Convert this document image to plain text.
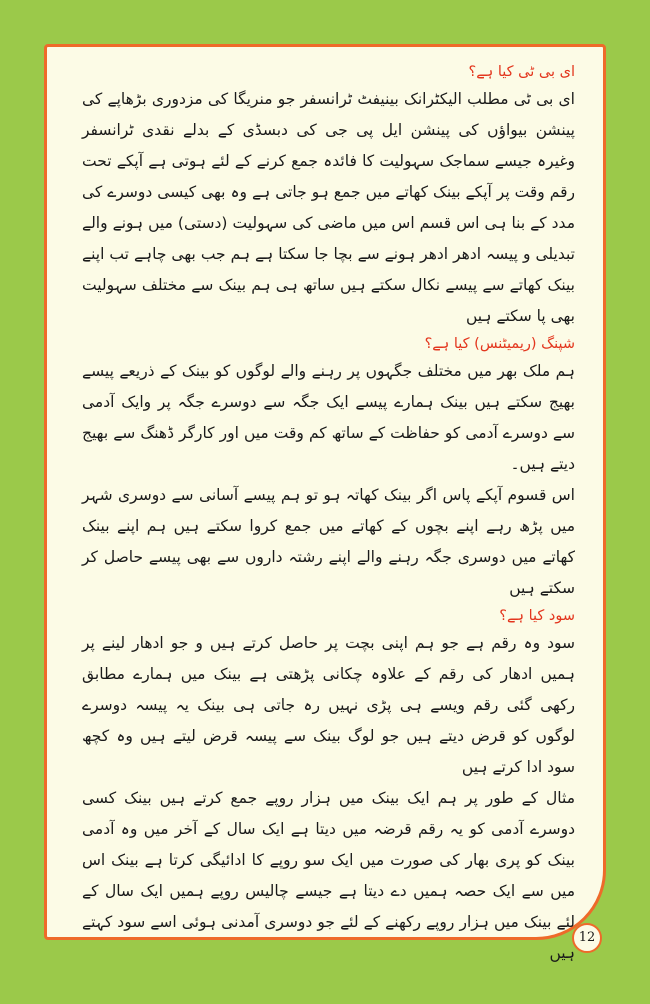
ای بی ٹی کیا ہے؟

ای بی ٹی مطلب الیکٹرانک بینیفٹ ٹرانسفر جو منریگا کی مزدوری بڑھاپے کی پینشن بیواؤں کی پینشن ایل پی جی کی دبسڈی کے بدلے نقدی ٹرانسفر وغیرہ جیسے سماجک سہولیت کا فائدہ جمع کرنے کے لئے ہوتی ہے آپکے تحت رقم وقت پر آپکے بینک کھاتے میں جمع ہو جاتی ہے وہ بھی کیسی دوسرے کی مدد کے بنا ہی اس قسم اس میں ماضی کی سہولیت (دستی) میں ہونے والے تبدیلی و پیسہ ادھر ادھر ہونے سے بچا جا سکتا ہے ہم جب بھی چاہے تب اپنے بینک کھاتے سے پیسے نکال سکتے ہیں ساتھ ہی ہم بینک سے مختلف سہولیت بھی پا سکتے ہیں

شپنگ (ریمیٹنس) کیا ہے؟

ہم ملک بھر میں مختلف جگہوں پر رہنے والے لوگوں کو بینک کے ذریعے پیسے بھیج سکتے ہیں بینک ہمارے پیسے ایک جگہ سے دوسرے جگہ پر وایک آدمی سے دوسرے آدمی کو حفاظت کے ساتھ کم وقت میں اور کارگر ڈھنگ سے بھیج دیتے ہیں۔

اس قسوم آپکے پاس اگر بینک کھاتہ ہو تو ہم پیسے آسانی سے دوسری شہر میں پڑھ رہے اپنے بچوں کے کھاتے میں جمع کروا سکتے ہیں ہم اپنے بینک کھاتے میں دوسری جگہ رہنے والے اپنے رشتہ داروں سے بھی پیسے حاصل کر سکتے ہیں

سود کیا ہے؟

سود وہ رقم ہے جو ہم اپنی بچت پر حاصل کرتے ہیں و جو ادھار لینے پر ہمیں ادھار کی رقم کے علاوہ چکانی پڑھتی ہے بینک میں ہمارے مطابق رکھی گئی رقم ویسے ہی پڑی نہیں رہ جاتی ہی بینک یہ پیسہ دوسرے لوگوں کو قرض دیتے ہیں جو لوگ بینک سے پیسہ قرض لیتے ہیں وہ کچھ سود ادا کرتے ہیں

مثال کے طور پر ہم ایک بینک میں ہزار روپے جمع کرتے ہیں بینک کسی دوسرے آدمی کو یہ رقم قرضہ میں دیتا ہے ایک سال کے آخر میں وہ آدمی بینک کو پری بھار کی صورت میں ایک سو روپے کا ادائیگی کرتا ہے بینک اس میں سے ایک حصہ ہمیں دے دیتا ہے جیسے چالیس روپے ہمیں ایک سال کے لئے بینک میں ہزار روپے رکھنے کے لئے جو دوسری آمدنی ہوئی اسے سود کہتے ہیں

12
